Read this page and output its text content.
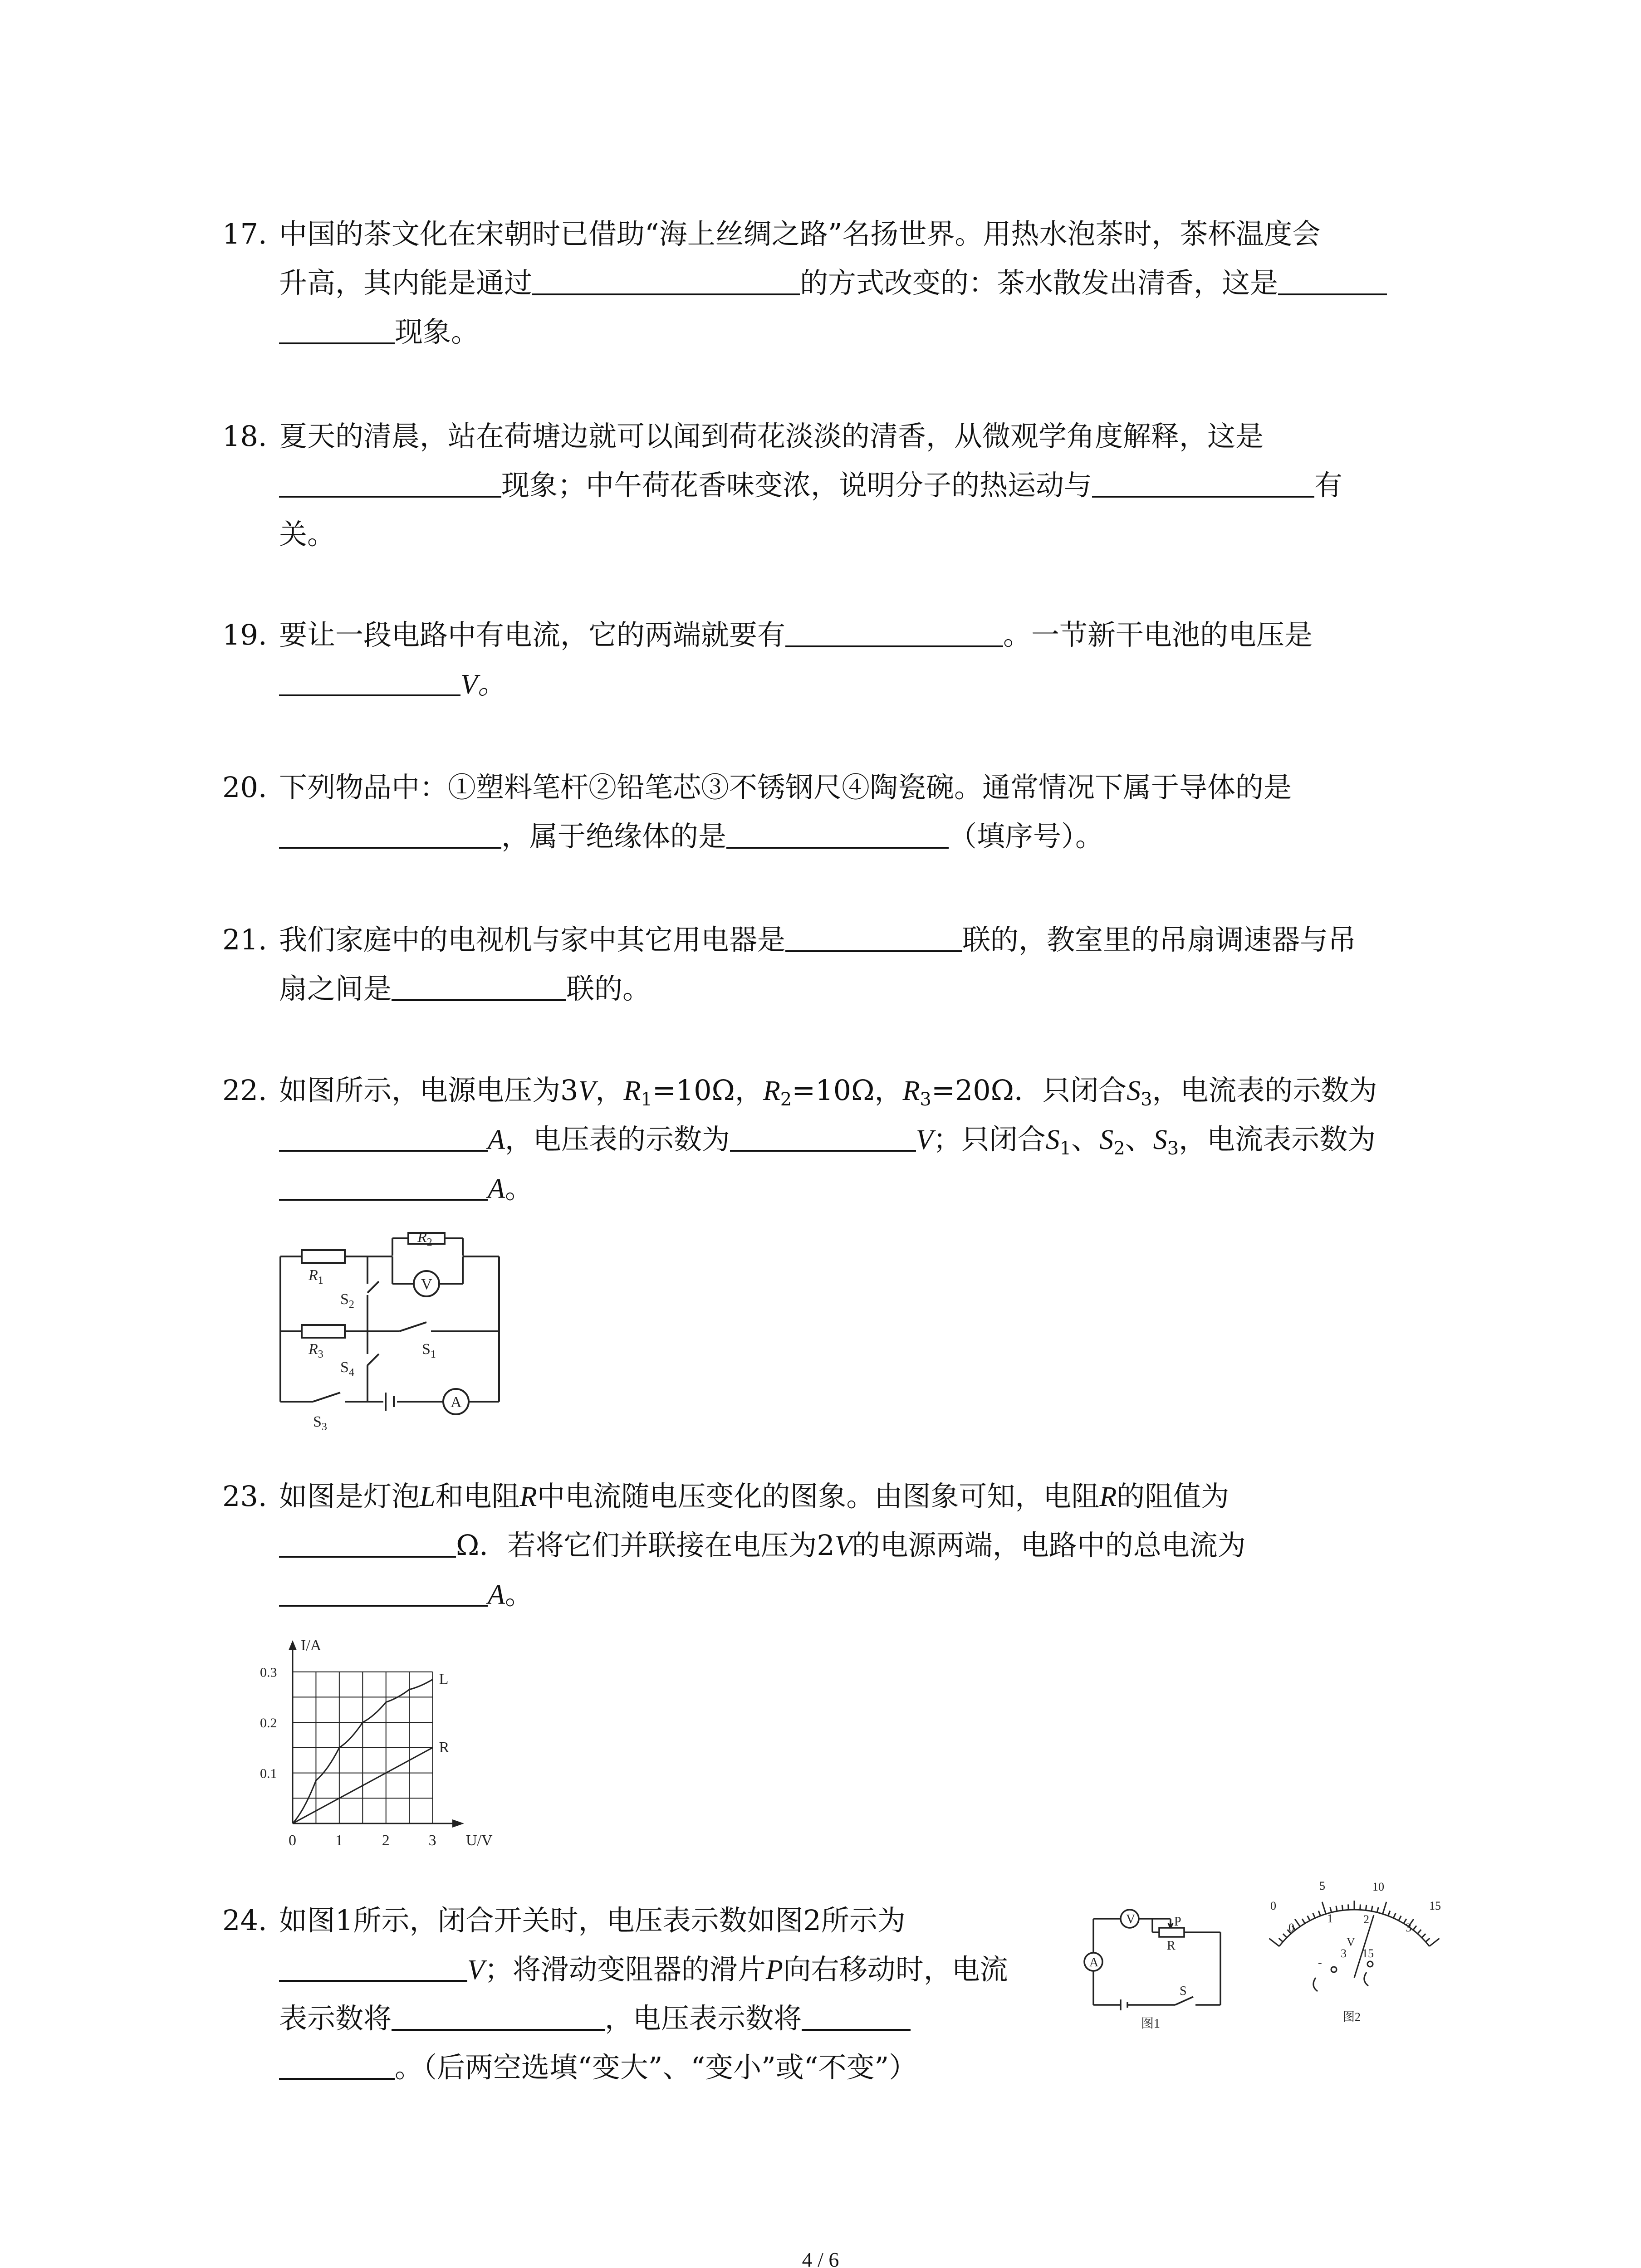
17. 中国的茶文化在宋朝时已借助“海上丝绸之路”名扬世界。用热水泡茶时，茶杯温度会
升高，其内能是通过	的方式改变的：茶水散发出清香，这是
现象。
18. 夏天的清晨，站在荷塘边就可以闻到荷花淡淡的清香，从微观学角度解释，这是
现象；中午荷花香味变浓，说明分子的热运动与	有
关。
19. 要让一段电路中有电流，它的两端就要有	。一节新干电池的电压是
V。
20. 下列物品中：①塑料笔杆②铅笔芯③不锈钢尺④陶瓷碗。通常情况下属于导体的是
，属于绝缘体的是	（填序号）。
21. 我们家庭中的电视机与家中其它用电器是	联的，教室里的吊扇调速器与吊
扇之间是	联的。
22. 如图所示，电源电压为3V，$R_1=10\Omega$，$R_2=10\Omega$，$R_3=20\Omega$．只闭合$S_3$，电流表的示数为
A，电压表的示数为	V；只闭合$S_1$、$S_2$、$S_3$，电流表示数为
A。
$R_1$
$R_2$
$S_2$
V
$S_1$
$R_3$
$S_4$
$S_3$
A
23. 如图是灯泡L和电阻R中电流随电压变化的图象。由图象可知，电阻R的阻值为
Ω．若将它们并联接在电压为2V的电源两端，电路中的总电流为
A。
L
R
0	1	2	3
0.1
0.2
0.3
I/A
U/V
24. 如图1所示，闭合开关时，电压表示数如图2所示为
V；将滑动变阻器的滑片P向右移动时，电流
表示数将	，电压表示数将
。（后两空选填“变大”、“变小”或“不变”）
V	P
R
A
S
图1
0
5	10
15
0
1	2
3
V
-
3 15
图2
4 / 6
